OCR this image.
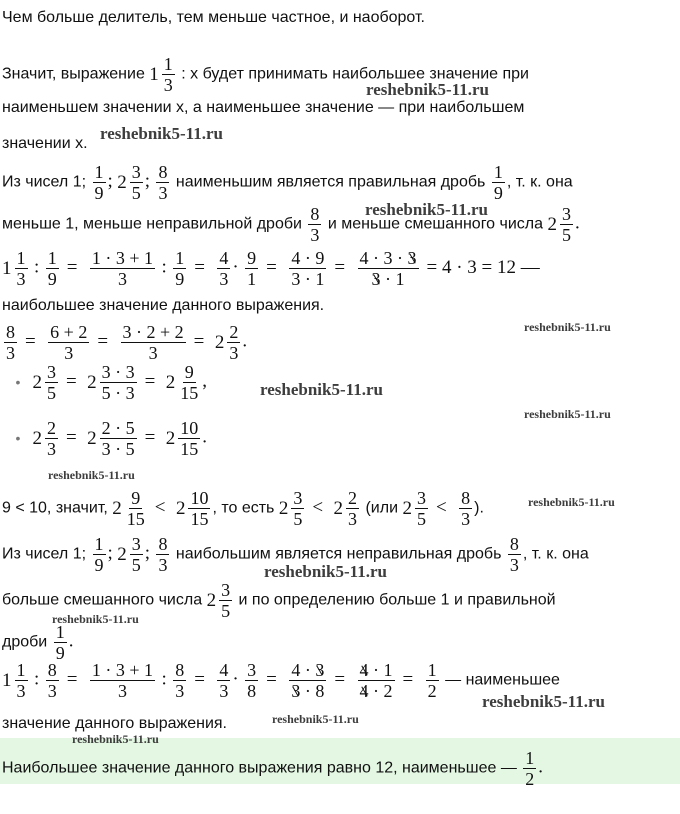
Чем больше делитель, тем меньше частное, и наоборот.
Значит, выражение 1 1
3
: x будет принимать наибольшее значение при
наименьшем значении x, а наименьшее значение — при наибольшем
значении x.
Из чисел 1; $\frac{1}{9}$ ; 2 3
5
; $\frac{8}{3}$ наименьшим является правильная дробь $\frac{1}{9}$ , т. к. она
меньше 1, меньше неправильной дроби $\frac{8}{3}$ и меньше смешанного числа 2 3
5
.
1 1
3
: $\frac{1}{9} = \frac{1 \cdot 3 + 1}{3}$ : $\frac{1}{9} = \frac{4}{3} \cdot \frac{9}{1} = \frac{4 \cdot 9}{3 \cdot 1} = \frac{4 \cdot 3 \cdot 3}{3 \cdot 1} = 4 \cdot 3 = 12$ —
наибольшее значение данного выражения.
$\frac{8}{3} = \frac{6 + 2}{3} = \frac{3 \cdot 2 + 2}{3} = 2$ 2
3
.
• 2 3
5
= 2 3 · 3
5 · 3
= 2 9
15
,
• 2 2
3
= 2 2 · 5
3 · 5
= 2 10
15
.
9 < 10, значит, 2 9
15
< 2 10
15
, то есть 2 3
5
< 2 2
3
(или 2 3
5
< $\frac{8}{3}$ ).
Из чисел 1; $\frac{1}{9}$ ; 2 3
5
; $\frac{8}{3}$ наибольшим является неправильная дробь $\frac{8}{3}$ , т. к. она
больше смешанного числа 2 3
5
и по определению больше 1 и правильной
дроби $\frac{1}{9}$ .
1 1
3
: $\frac{8}{3} = \frac{1 \cdot 3 + 1}{3}$ : $\frac{8}{3} = \frac{4}{3} \cdot \frac{3}{8} = \frac{4 \cdot 3}{3 \cdot 8} = \frac{4 \cdot 1}{4 \cdot 2} = \frac{1}{2}$ — наименьшее
значение данного выражения.
Наибольшее значение данного выражения равно 12, наименьшее — $\frac{1}{2}$ .
reshebnik5-11.ru
reshebnik5-11.ru
reshebnik5-11.ru
reshebnik5-11.ru
reshebnik5-11.ru
reshebnik5-11.ru
reshebnik5-11.ru
reshebnik5-11.ru
reshebnik5-11.ru
reshebnik5-11.ru
reshebnik5-11.ru
reshebnik5-11.ru
reshebnik5-11.ru
